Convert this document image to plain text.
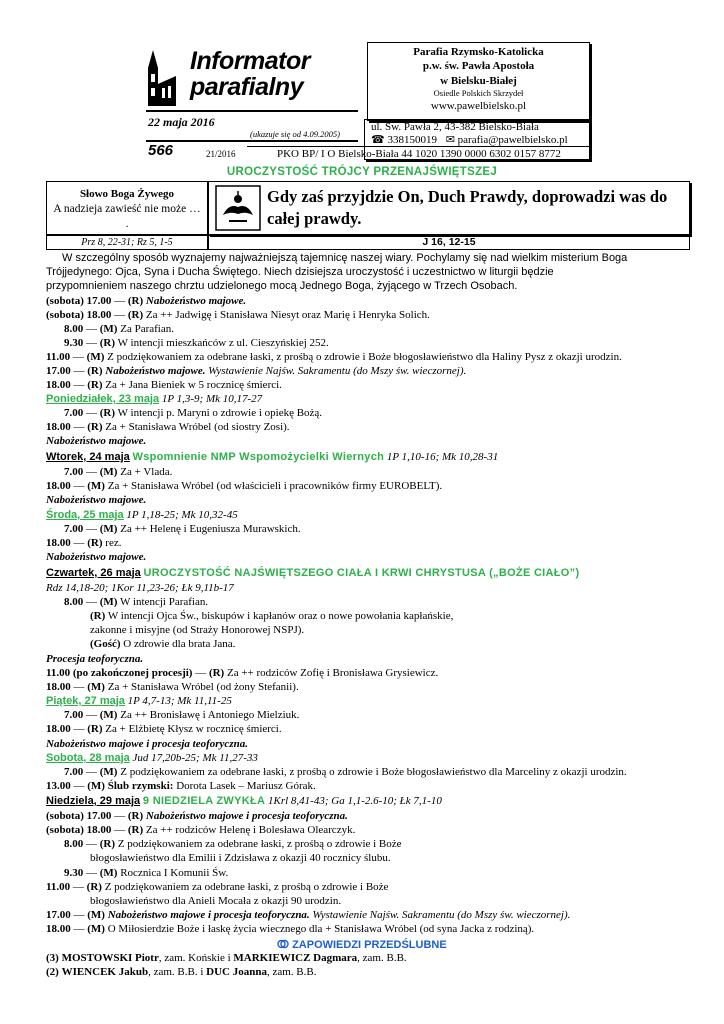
Informator
parafialny
22 maja 2016
(ukazuje się od 4.09.2005)
566	21/2016
Parafia Rzymsko-Katolicka
p.w. św. Pawła Apostoła
w Bielsku-Białej
Osiedle Polskich Skrzydeł
www.pawelbielsko.pl
ul. Św. Pawła 2, 43-382 Bielsko-Biała
☎ 338150019 ✉ parafia@pawelbielsko.pl
PKO BP/ I O Bielsko-Biała 44 1020 1390 0000 6302 0157 8772
UROCZYSTOŚĆ TRÓJCY PRZENAJŚWIĘTSZEJ
Słowo Boga Żywego
A nadzieja zawieść nie może … .
Gdy zaś przyjdzie On, Duch Prawdy, doprowadzi was do całej prawdy.
Prz 8, 22-31; Rz 5, 1-5	J 16, 12-15
W szczególny sposób wyznajemy najważniejszą tajemnicę naszej wiary. Pochylamy się nad wielkim misterium Boga
Trójjedynego: Ojca, Syna i Ducha Świętego. Niech dzisiejsza uroczystość i uczestnictwo w liturgii będzie
przypomnieniem naszego chrztu udzielonego mocą Jednego Boga, żyjącego w Trzech Osobach.
(sobota) 17.00 — (R) Nabożeństwo majowe.
(sobota) 18.00 — (R) Za ++ Jadwigę i Stanisława Niesyt oraz Marię i Henryka Solich.
8.00 — (M) Za Parafian.
9.30 — (R) W intencji mieszkańców z ul. Cieszyńskiej 252.
11.00 — (M) Z podziękowaniem za odebrane łaski, z prośbą o zdrowie i Boże błogosławieństwo dla Haliny Pysz z okazji urodzin.
17.00 — (R) Nabożeństwo majowe. Wystawienie Najśw. Sakramentu (do Mszy św. wieczornej).
18.00 — (R) Za + Jana Bieniek w 5 rocznicę śmierci.
Poniedziałek, 23 maja 1P 1,3-9; Mk 10,17-27
7.00 — (R) W intencji p. Maryni o zdrowie i opiekę Bożą.
18.00 — (R) Za + Stanisława Wróbel (od siostry Zosi).
Nabożeństwo majowe.
Wtorek, 24 maja Wspomnienie NMP Wspomożycielki Wiernych 1P 1,10-16; Mk 10,28-31
7.00 — (M) Za + Vlada.
18.00 — (M) Za + Stanisława Wróbel (od właścicieli i pracowników firmy EUROBELT).
Nabożeństwo majowe.
Środa, 25 maja 1P 1,18-25; Mk 10,32-45
7.00 — (M) Za ++ Helenę i Eugeniusza Murawskich.
18.00 — (R) rez.
Nabożeństwo majowe.
Czwartek, 26 maja UROCZYSTOŚĆ NAJŚWIĘTSZEGO CIAŁA I KRWI CHRYSTUSA („BOŻE CIAŁO”)
Rdz 14,18-20; 1Kor 11,23-26; Łk 9,11b-17
8.00 — (M) W intencji Parafian.
(R) W intencji Ojca Św., biskupów i kapłanów oraz o nowe powołania kapłańskie,
zakonne i misyjne (od Straży Honorowej NSPJ).
(Gość) O zdrowie dla brata Jana.
Procesja teoforyczna.
11.00 (po zakończonej procesji) — (R) Za ++ rodziców Zofię i Bronisława Grysiewicz.
18.00 — (M) Za + Stanisława Wróbel (od żony Stefanii).
Piątek, 27 maja 1P 4,7-13; Mk 11,11-25
7.00 — (M) Za ++ Bronisławę i Antoniego Mielziuk.
18.00 — (R) Za + Elżbietę Kłysz w rocznicę śmierci.
Nabożeństwo majowe i procesja teoforyczna.
Sobota, 28 maja Jud 17,20b-25; Mk 11,27-33
7.00 — (M) Z podziękowaniem za odebrane łaski, z prośbą o zdrowie i Boże błogosławieństwo dla Marceliny z okazji urodzin.
13.00 — (M) Ślub rzymski: Dorota Lasek – Mariusz Górak.
Niedziela, 29 maja 9 NIEDZIELA ZWYKŁA 1Krl 8,41-43; Ga 1,1-2.6-10; Łk 7,1-10
(sobota) 17.00 — (R) Nabożeństwo majowe i procesja teoforyczna.
(sobota) 18.00 — (R) Za ++ rodziców Helenę i Bolesława Olearczyk.
8.00 — (R) Z podziękowaniem za odebrane łaski, z prośbą o zdrowie i Boże
błogosławieństwo dla Emilii i Zdzisława z okazji 40 rocznicy ślubu.
9.30 — (M) Rocznica I Komunii Św.
11.00 — (R) Z podziękowaniem za odebrane łaski, z prośbą o zdrowie i Boże
błogosławieństwo dla Anieli Mocała z okazji 90 urodzin.
17.00 — (M) Nabożeństwo majowe i procesja teoforyczna. Wystawienie Najśw. Sakramentu (do Mszy św. wieczornej).
18.00 — (M) O Miłosierdzie Boże i łaskę życia wiecznego dla + Stanisława Wróbel (od syna Jacka z rodziną).
ZAPOWIEDZI PRZEDŚLUBNE
(3) MOSTOWSKI Piotr, zam. Końskie i MARKIEWICZ Dagmara, zam. B.B.
(2) WIENCEK Jakub, zam. B.B. i DUC Joanna, zam. B.B.
